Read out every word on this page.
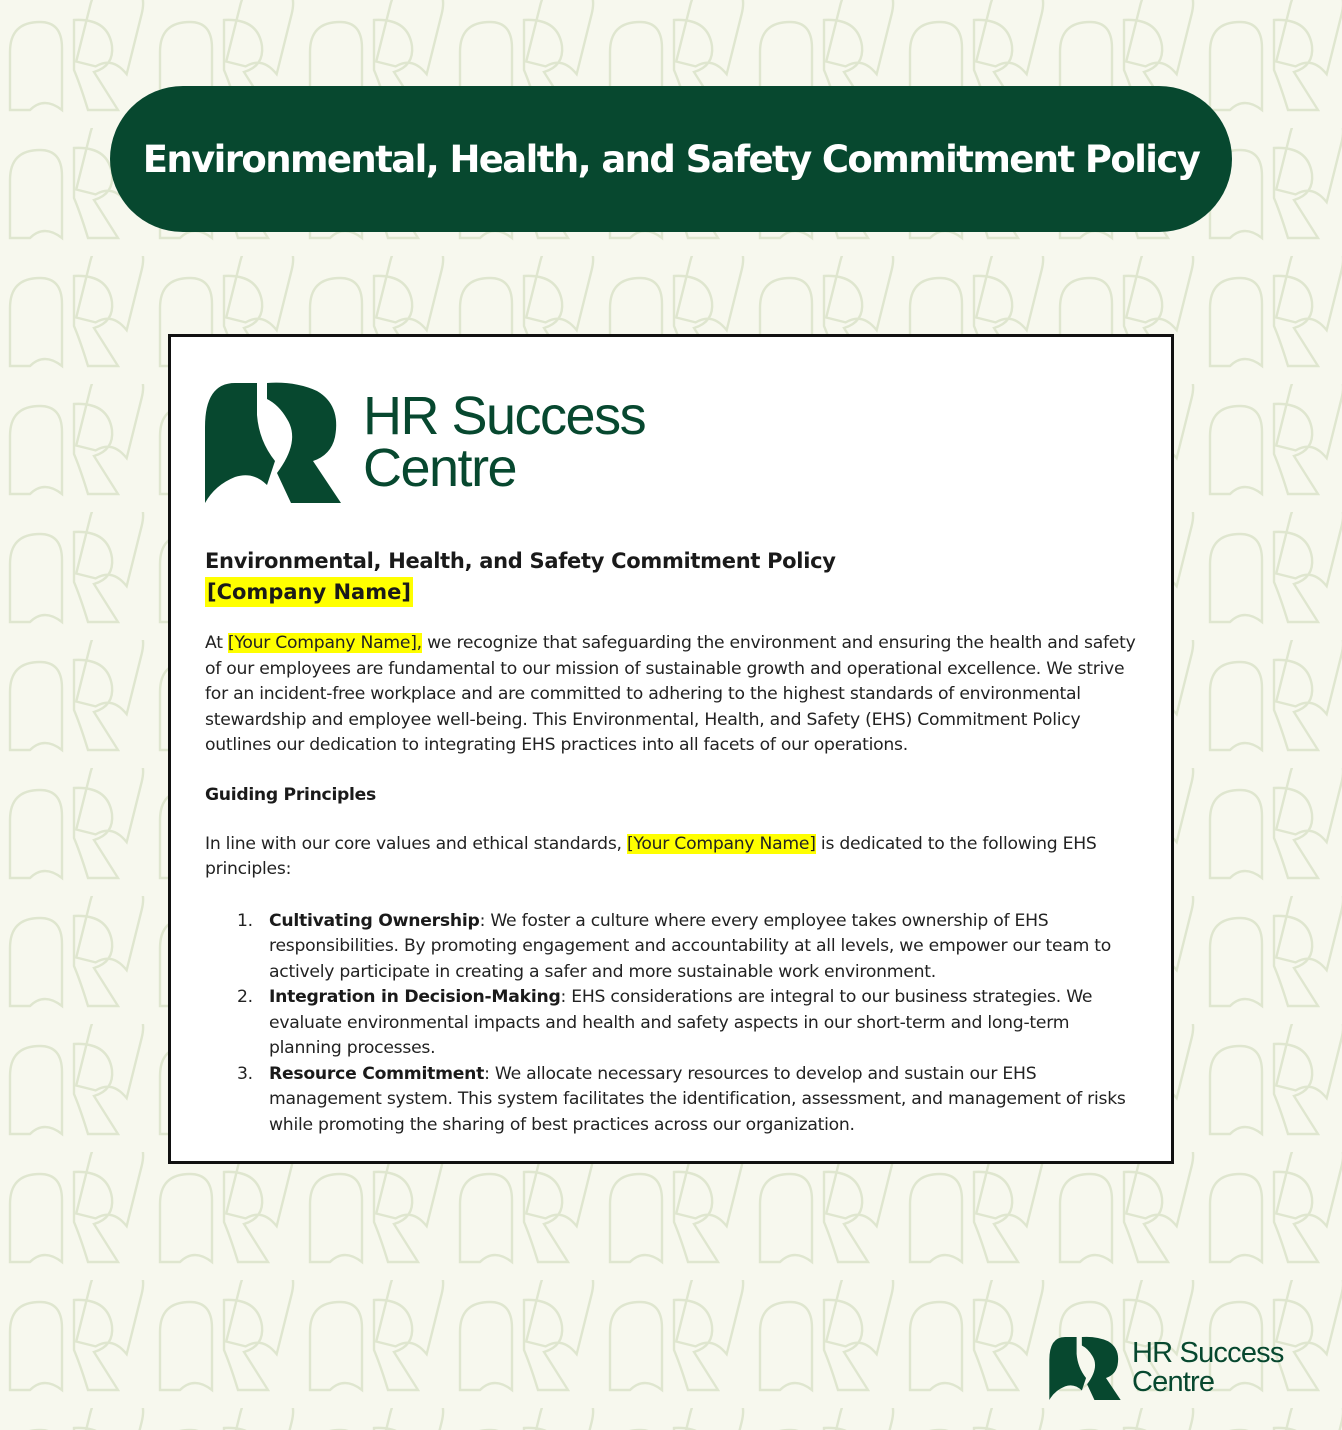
Environmental, Health, and Safety Commitment Policy
HR Success
Centre
Environmental, Health, and Safety Commitment Policy
[Company Name]

At [Your Company Name], we recognize that safeguarding the environment and ensuring the health and safety of our employees are fundamental to our mission of sustainable growth and operational excellence. We strive for an incident-free workplace and are committed to adhering to the highest standards of environmental stewardship and employee well-being. This Environmental, Health, and Safety (EHS) Commitment Policy outlines our dedication to integrating EHS practices into all facets of our operations.

Guiding Principles

In line with our core values and ethical standards, [Your Company Name] is dedicated to the following EHS principles:

1. Cultivating Ownership: We foster a culture where every employee takes ownership of EHS responsibilities. By promoting engagement and accountability at all levels, we empower our team to actively participate in creating a safer and more sustainable work environment.
2. Integration in Decision-Making: EHS considerations are integral to our business strategies. We evaluate environmental impacts and health and safety aspects in our short-term and long-term planning processes.
3. Resource Commitment: We allocate necessary resources to develop and sustain our EHS management system. This system facilitates the identification, assessment, and management of risks while promoting the sharing of best practices across our organization.
HR Success
Centre
